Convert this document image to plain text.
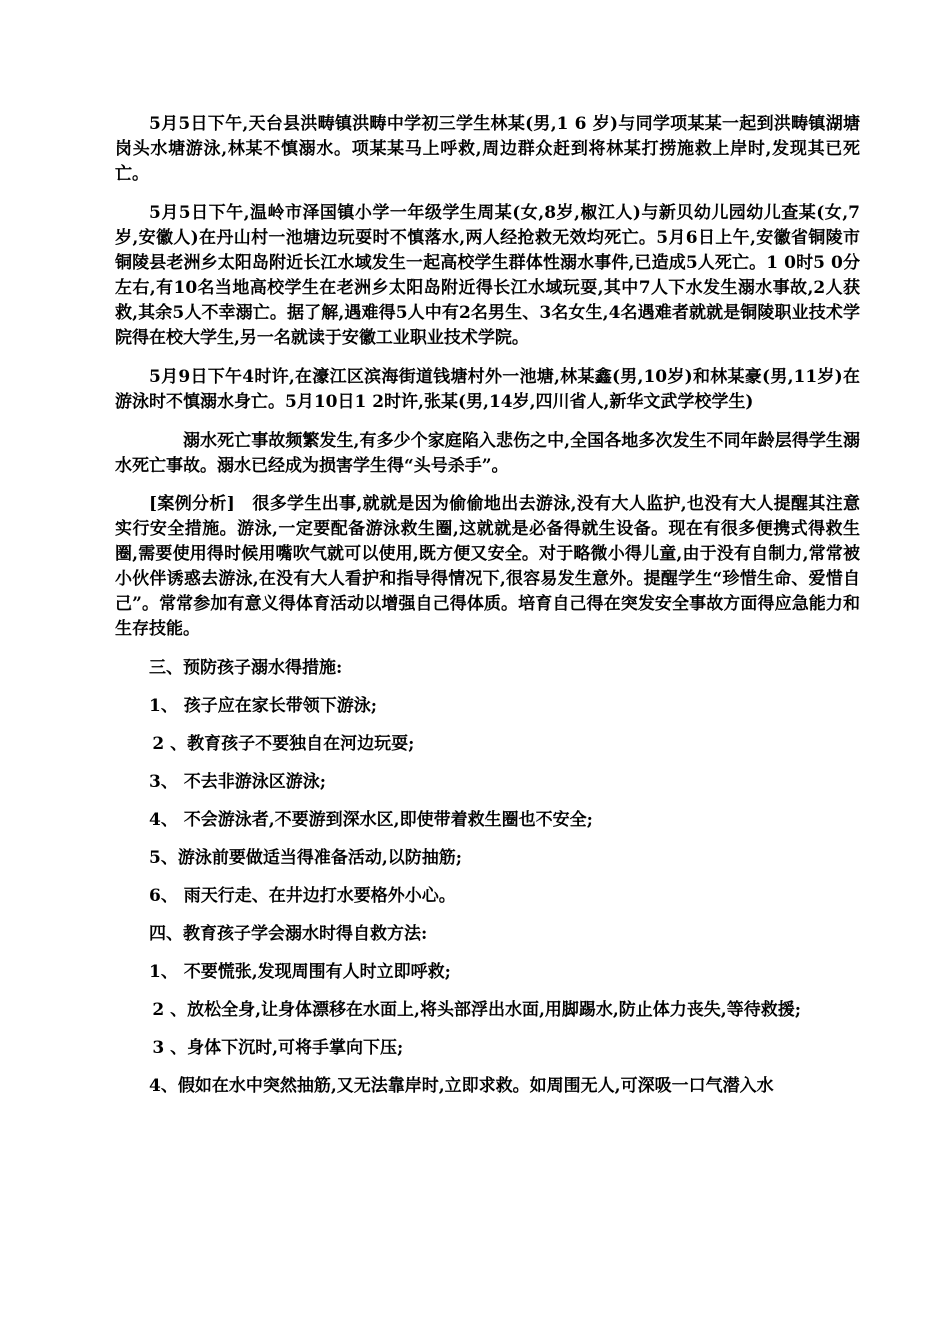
5月5日下午,天台县洪畴镇洪畴中学初三学生林某(男,1 6 岁)与同学项某某一起到洪畴镇湖塘岗头水塘游泳,林某不慎溺水。项某某马上呼救,周边群众赶到将林某打捞施救上岸时,发现其已死亡。

5月5日下午,温岭市泽国镇小学一年级学生周某(女,8岁,椒江人)与新贝幼儿园幼儿查某(女,7岁,安徽人)在丹山村一池塘边玩耍时不慎落水,两人经抢救无效均死亡。5月6日上午,安徽省铜陵市铜陵县老洲乡太阳岛附近长江水域发生一起高校学生群体性溺水事件,已造成5人死亡。1 0时5 0分左右,有10名当地高校学生在老洲乡太阳岛附近得长江水域玩耍,其中7人下水发生溺水事故,2人获救,其余5人不幸溺亡。据了解,遇难得5人中有2名男生、3名女生,4名遇难者就就是铜陵职业技术学院得在校大学生,另一名就读于安徽工业职业技术学院。

5月9日下午4时许,在濠江区滨海街道钱塘村外一池塘,林某鑫(男,10岁)和林某豪(男,11岁)在游泳时不慎溺水身亡。5月10日1 2时许,张某(男,14岁,四川省人,新华文武学校学生)

溺水死亡事故频繁发生,有多少个家庭陷入悲伤之中,全国各地多次发生不同年龄层得学生溺水死亡事故。溺水已经成为损害学生得“头号杀手”。

[案例分析]　很多学生出事,就就是因为偷偷地出去游泳,没有大人监护,也没有大人提醒其注意实行安全措施。游泳,一定要配备游泳救生圈,这就就是必备得就生设备。现在有很多便携式得救生圈,需要使用得时候用嘴吹气就可以使用,既方便又安全。对于略微小得儿童,由于没有自制力,常常被小伙伴诱惑去游泳,在没有大人看护和指导得情况下,很容易发生意外。提醒学生“珍惜生命、爱惜自己”。常常参加有意义得体育活动以增强自己得体质。培育自己得在突发安全事故方面得应急能力和生存技能。

三、预防孩子溺水得措施:

1、 孩子应在家长带领下游泳;

2 、教育孩子不要独自在河边玩耍;

3、 不去非游泳区游泳;

4、 不会游泳者,不要游到深水区,即使带着救生圈也不安全;

5、游泳前要做适当得准备活动,以防抽筋;

6、 雨天行走、在井边打水要格外小心。

四、教育孩子学会溺水时得自救方法:

1、 不要慌张,发现周围有人时立即呼救;

2 、放松全身,让身体漂移在水面上,将头部浮出水面,用脚踢水,防止体力丧失,等待救援;

3 、身体下沉时,可将手掌向下压;

4、假如在水中突然抽筋,又无法靠岸时,立即求救。如周围无人,可深吸一口气潜入水
